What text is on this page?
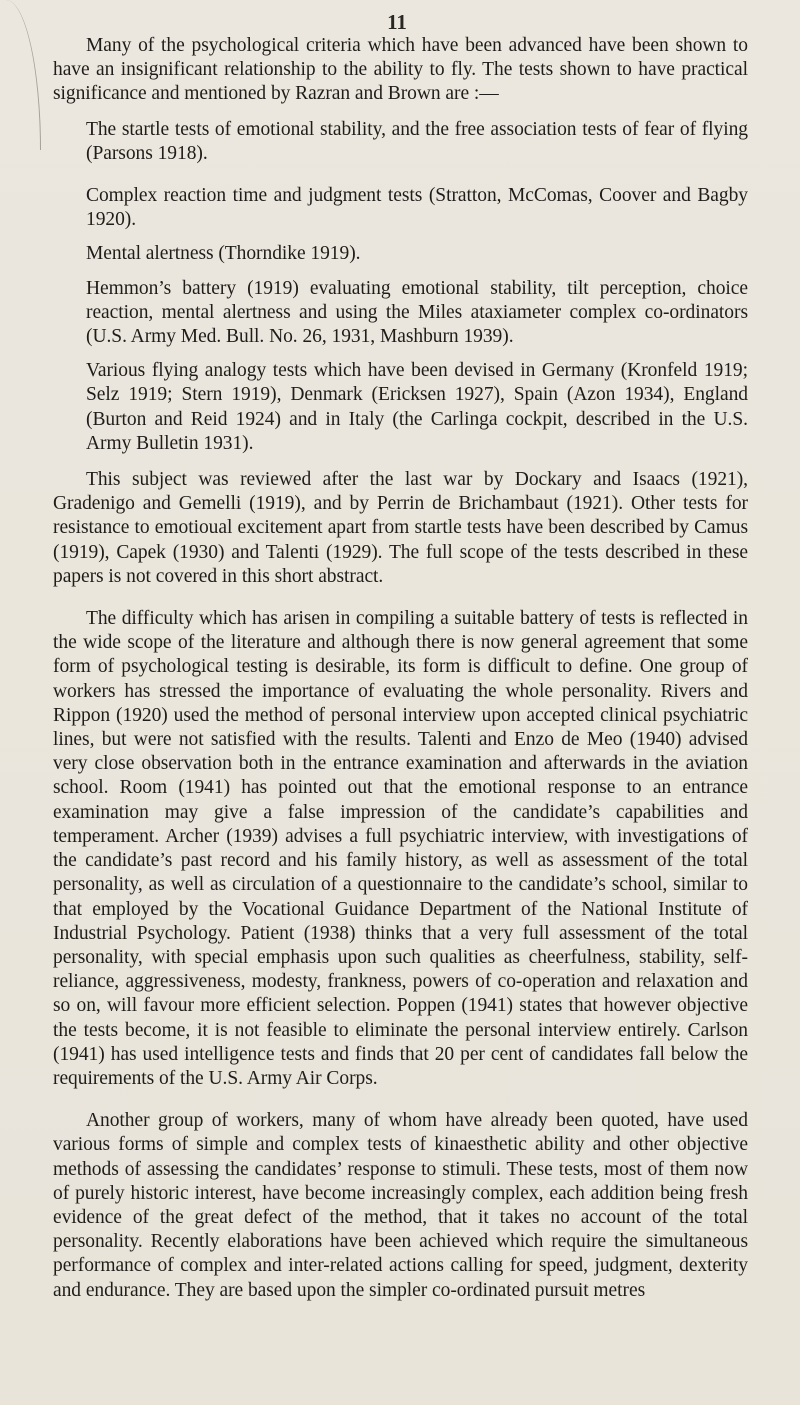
11

Many of the psychological criteria which have been advanced have been shown to have an insignificant relationship to the ability to fly. The tests shown to have practical significance and mentioned by Razran and Brown are :—

The startle tests of emotional stability, and the free association tests of fear of flying (Parsons 1918).
Complex reaction time and judgment tests (Stratton, McComas, Coover and Bagby 1920).
Mental alertness (Thorndike 1919).
Hemmon’s battery (1919) evaluating emotional stability, tilt perception, choice reaction, mental alertness and using the Miles ataxiameter complex co-ordinators (U.S. Army Med. Bull. No. 26, 1931, Mashburn 1939).
Various flying analogy tests which have been devised in Germany (Kronfeld 1919; Selz 1919; Stern 1919), Denmark (Ericksen 1927), Spain (Azon 1934), England (Burton and Reid 1924) and in Italy (the Carlinga cockpit, described in the U.S. Army Bulletin 1931).

This subject was reviewed after the last war by Dockary and Isaacs (1921), Gradenigo and Gemelli (1919), and by Perrin de Brichambaut (1921). Other tests for resistance to emotioual excitement apart from startle tests have been described by Camus (1919), Capek (1930) and Talenti (1929). The full scope of the tests described in these papers is not covered in this short abstract.

The difficulty which has arisen in compiling a suitable battery of tests is reflected in the wide scope of the literature and although there is now general agreement that some form of psychological testing is desirable, its form is difficult to define. One group of workers has stressed the importance of evaluating the whole personality. Rivers and Rippon (1920) used the method of personal interview upon accepted clinical psychiatric lines, but were not satisfied with the results. Talenti and Enzo de Meo (1940) advised very close observation both in the entrance examination and afterwards in the aviation school. Room (1941) has pointed out that the emotional response to an entrance examination may give a false impression of the candidate’s capabilities and temperament. Archer (1939) advises a full psychiatric interview, with investigations of the candidate’s past record and his family history, as well as assessment of the total personality, as well as circulation of a questionnaire to the candidate’s school, similar to that employed by the Vocational Guidance Department of the National Institute of Industrial Psychology. Patient (1938) thinks that a very full assessment of the total personality, with special emphasis upon such qualities as cheerfulness, stability, self-reliance, aggressiveness, modesty, frankness, powers of co-operation and relaxation and so on, will favour more efficient selection. Poppen (1941) states that however objective the tests become, it is not feasible to eliminate the personal interview entirely. Carlson (1941) has used intelligence tests and finds that 20 per cent of candidates fall below the requirements of the U.S. Army Air Corps.

Another group of workers, many of whom have already been quoted, have used various forms of simple and complex tests of kinaesthetic ability and other objective methods of assessing the candidates’ response to stimuli. These tests, most of them now of purely historic interest, have become increasingly complex, each addition being fresh evidence of the great defect of the method, that it takes no account of the total personality. Recently elaborations have been achieved which require the simultaneous performance of complex and inter-related actions calling for speed, judgment, dexterity and endurance. They are based upon the simpler co-ordinated pursuit metres
